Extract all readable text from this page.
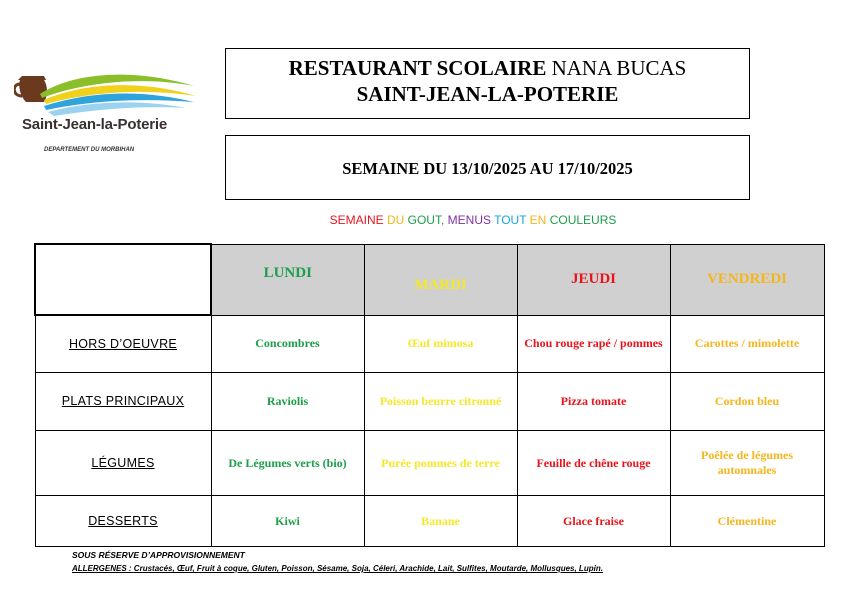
Saint-Jean-la-Poterie
DEPARTEMENT DU MORBIHAN
RESTAURANT SCOLAIRE NANA BUCAS
SAINT-JEAN-LA-POTERIE
SEMAINE DU 13/10/2025 AU 17/10/2025
SEMAINE DU GOUT, MENUS TOUT EN COULEURS
	LUNDI	MARDI	JEUDI	VENDREDI
HORS D’OEUVRE	Concombres	Œuf mimosa	Chou rouge rapé / pommes	Carottes / mimolette
PLATS PRINCIPAUX	Raviolis	Poisson beurre citronné	Pizza tomate	Cordon bleu
LÉGUMES	De Légumes verts (bio)	Purée pommes de terre	Feuille de chêne rouge	Poêlée de légumes automnales
DESSERTS	Kiwi	Banane	Glace fraise	Clémentine
SOUS RÉSERVE D’APPROVISIONNEMENT
ALLERGENES : Crustacés, Œuf, Fruit à coque, Gluten, Poisson, Sésame, Soja, Céleri, Arachide, Lait, Sulfites, Moutarde, Mollusques, Lupin.
